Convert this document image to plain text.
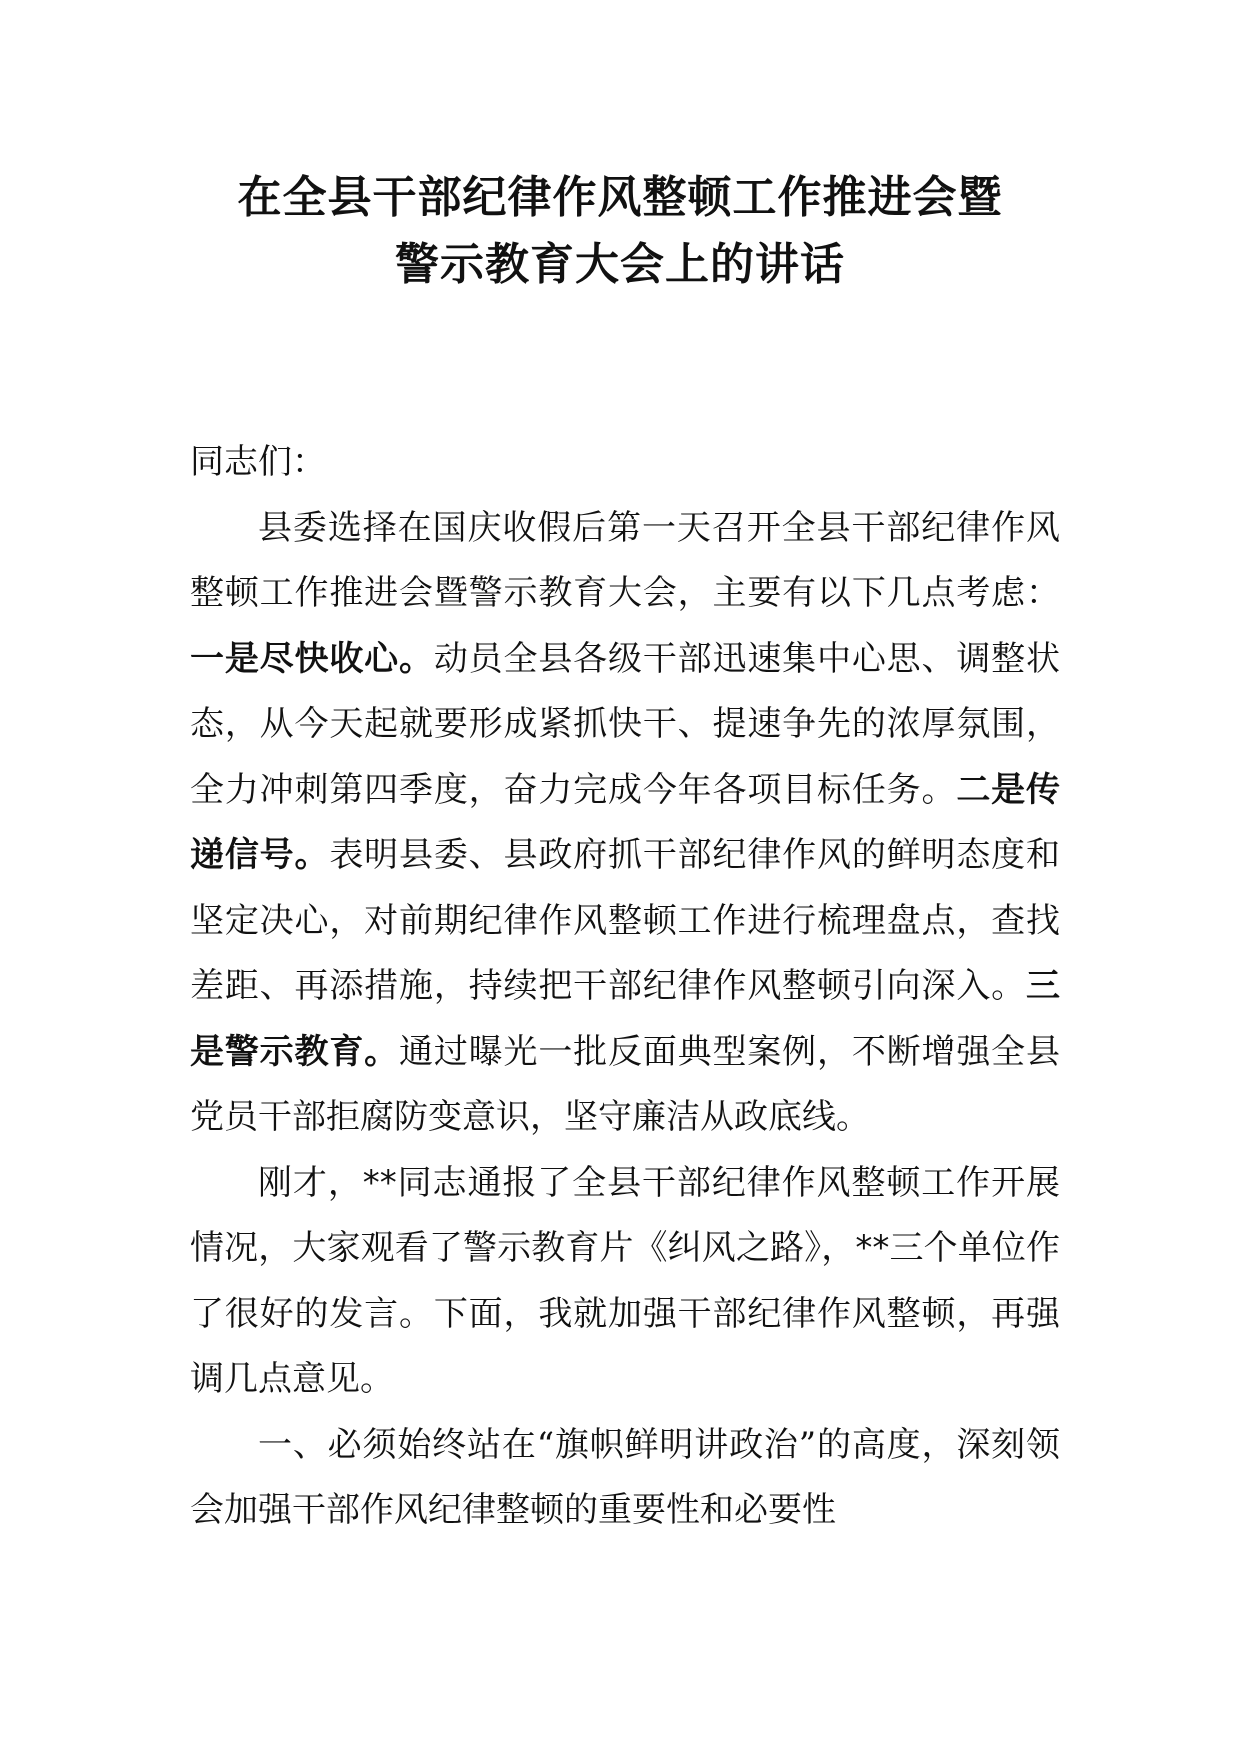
在全县干部纪律作风整顿工作推进会暨
警示教育大会上的讲话

同志们：

县委选择在国庆收假后第一天召开全县干部纪律作风整顿工作推进会暨警示教育大会，主要有以下几点考虑：一是尽快收心。动员全县各级干部迅速集中心思、调整状态，从今天起就要形成紧抓快干、提速争先的浓厚氛围，全力冲刺第四季度，奋力完成今年各项目标任务。二是传递信号。表明县委、县政府抓干部纪律作风的鲜明态度和坚定决心，对前期纪律作风整顿工作进行梳理盘点，查找差距、再添措施，持续把干部纪律作风整顿引向深入。三是警示教育。通过曝光一批反面典型案例，不断增强全县党员干部拒腐防变意识，坚守廉洁从政底线。

刚才，**同志通报了全县干部纪律作风整顿工作开展情况，大家观看了警示教育片《纠风之路》，**三个单位作了很好的发言。下面，我就加强干部纪律作风整顿，再强调几点意见。

一、必须始终站在“旗帜鲜明讲政治”的高度，深刻领会加强干部作风纪律整顿的重要性和必要性
